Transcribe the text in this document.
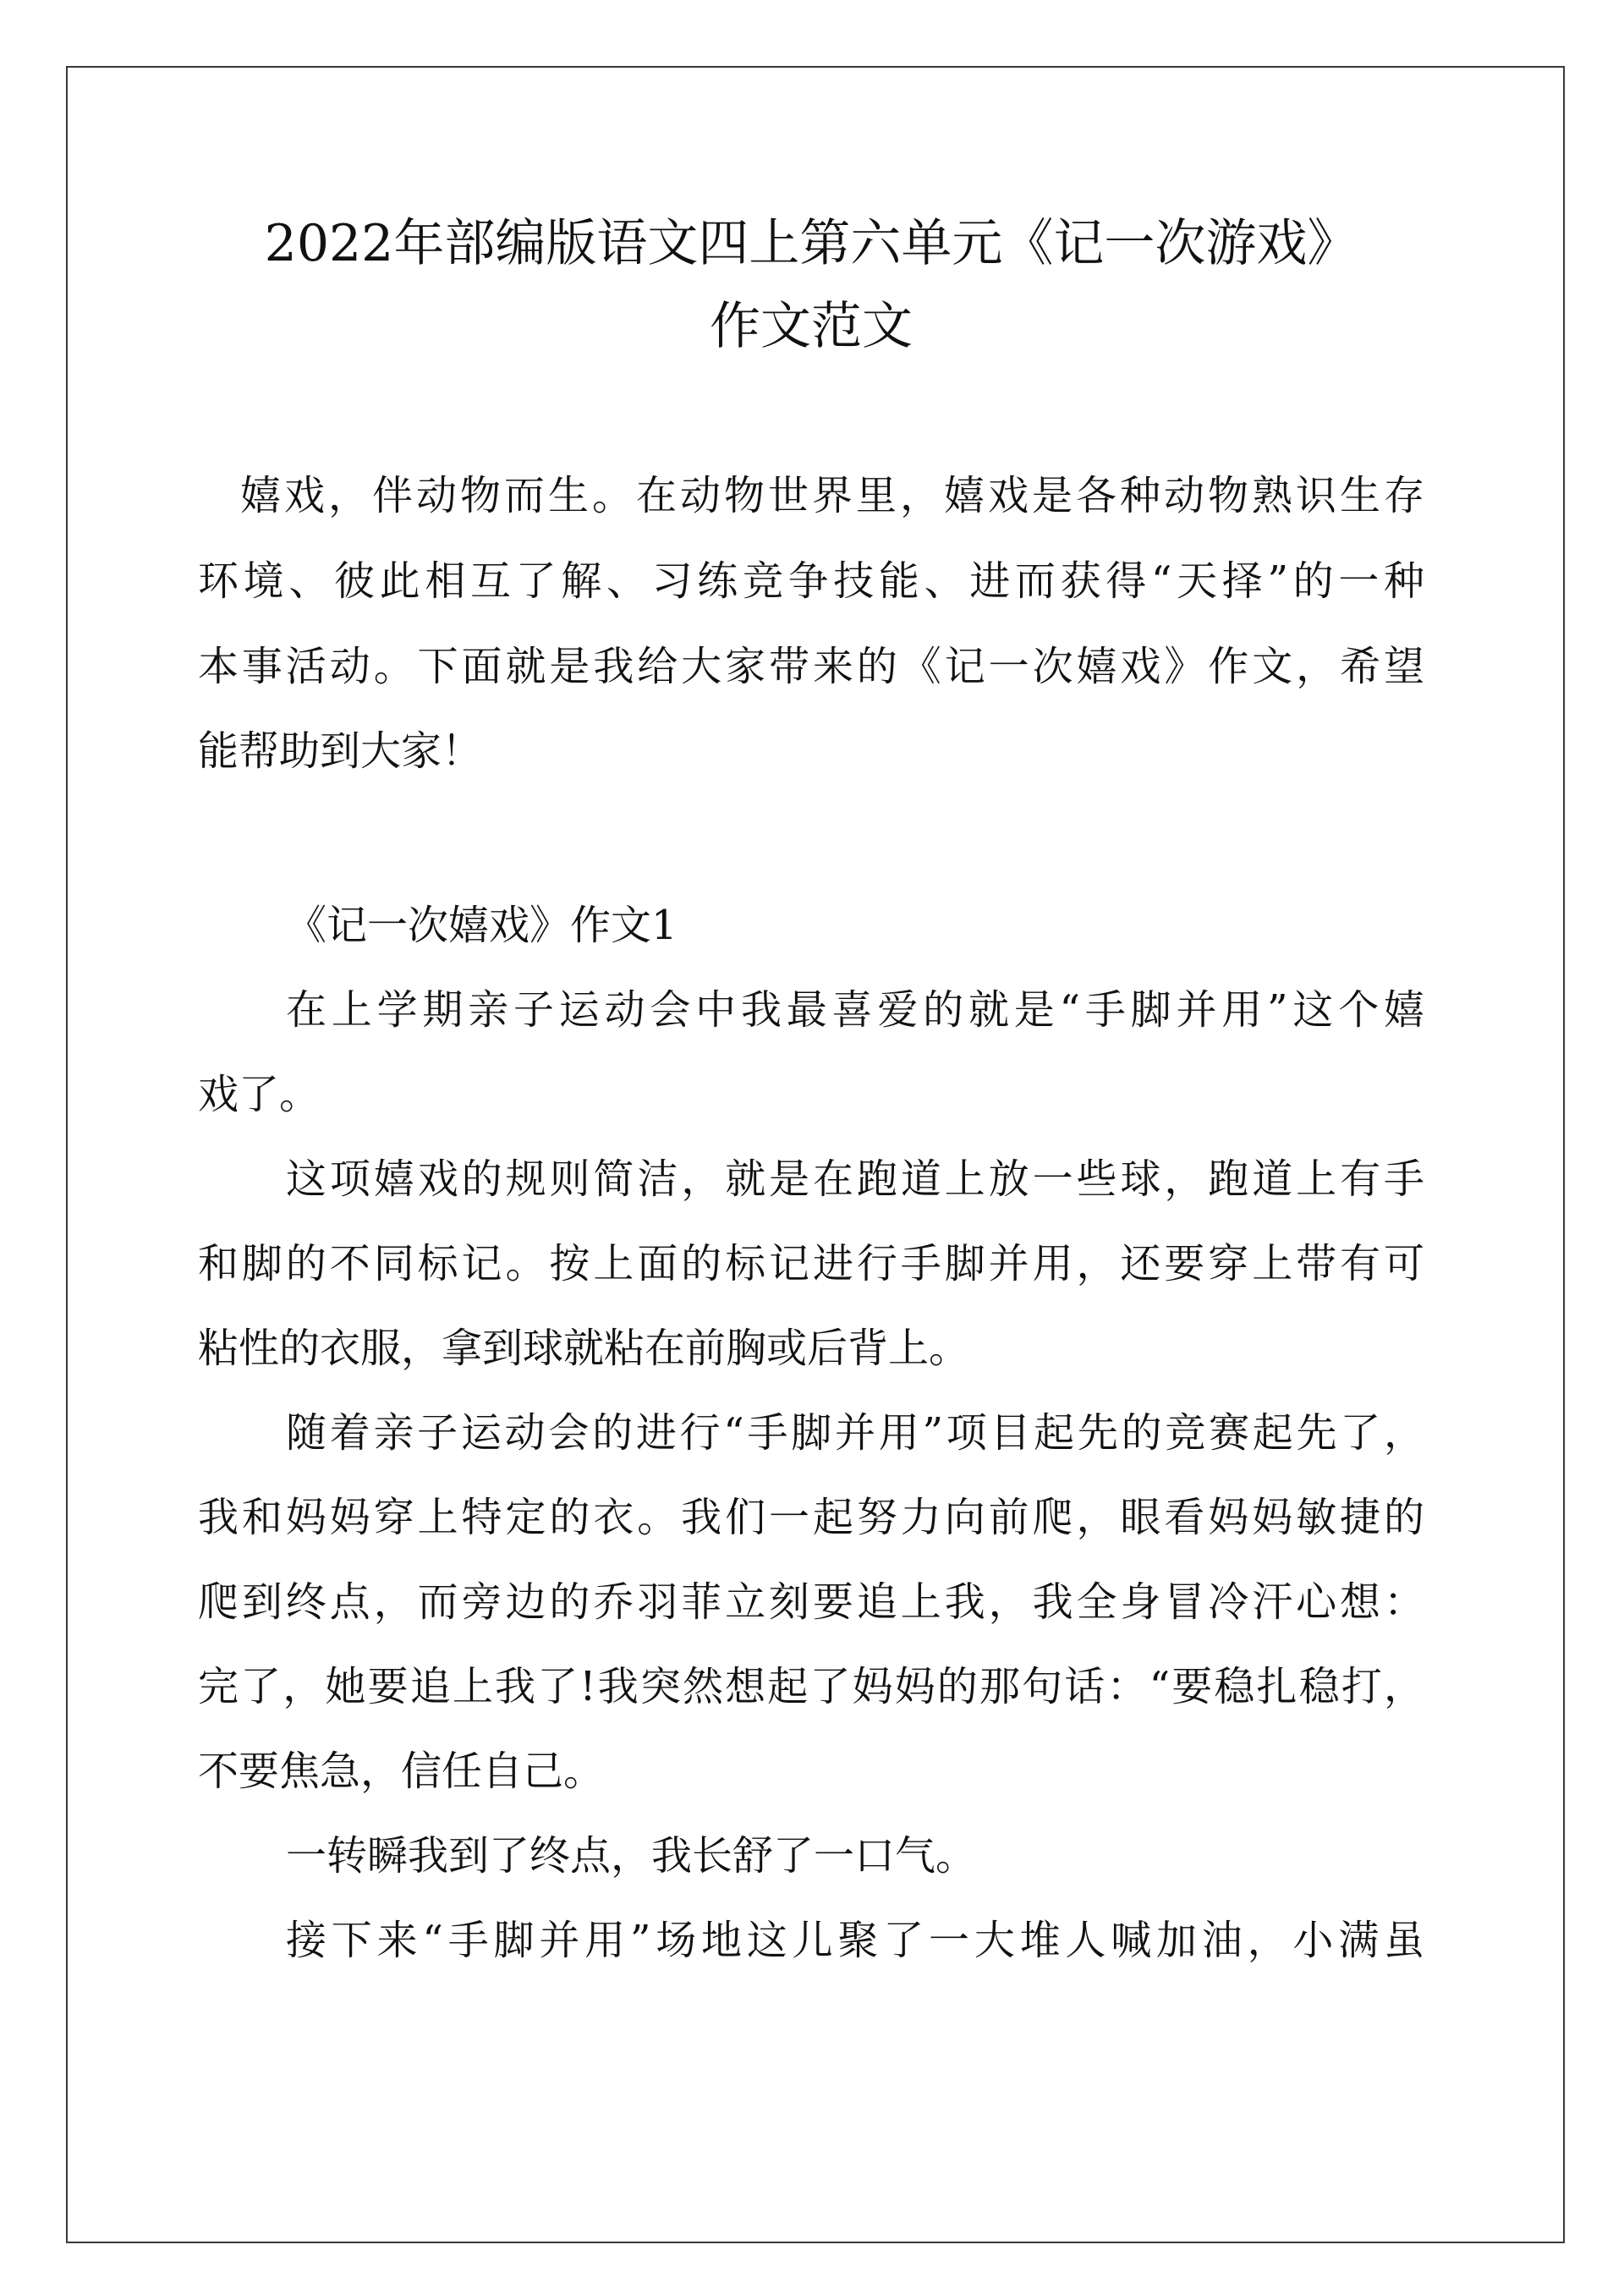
2022年部编版语文四上第六单元《记一次游戏》
作文范文
嬉戏，伴动物而生。在动物世界里，嬉戏是各种动物熟识生存
环境、彼此相互了解、习练竞争技能、进而获得“天择”的一种
本事活动。下面就是我给大家带来的《记一次嬉戏》作文，希望
能帮助到大家！
《记一次嬉戏》作文1
在上学期亲子运动会中我最喜爱的就是“手脚并用”这个嬉
戏了。
这项嬉戏的规则简洁，就是在跑道上放一些球，跑道上有手
和脚的不同标记。按上面的标记进行手脚并用，还要穿上带有可
粘性的衣服，拿到球就粘在前胸或后背上。
随着亲子运动会的进行“手脚并用”项目起先的竞赛起先了，
我和妈妈穿上特定的衣。我们一起努力向前爬，眼看妈妈敏捷的
爬到终点，而旁边的乔羽菲立刻要追上我，我全身冒冷汗心想：
完了，她要追上我了!我突然想起了妈妈的那句话：“要稳扎稳打，
不要焦急，信任自己。
一转瞬我到了终点，我长舒了一口气。
接下来“手脚并用”场地这儿聚了一大堆人喊加油，小满虽
